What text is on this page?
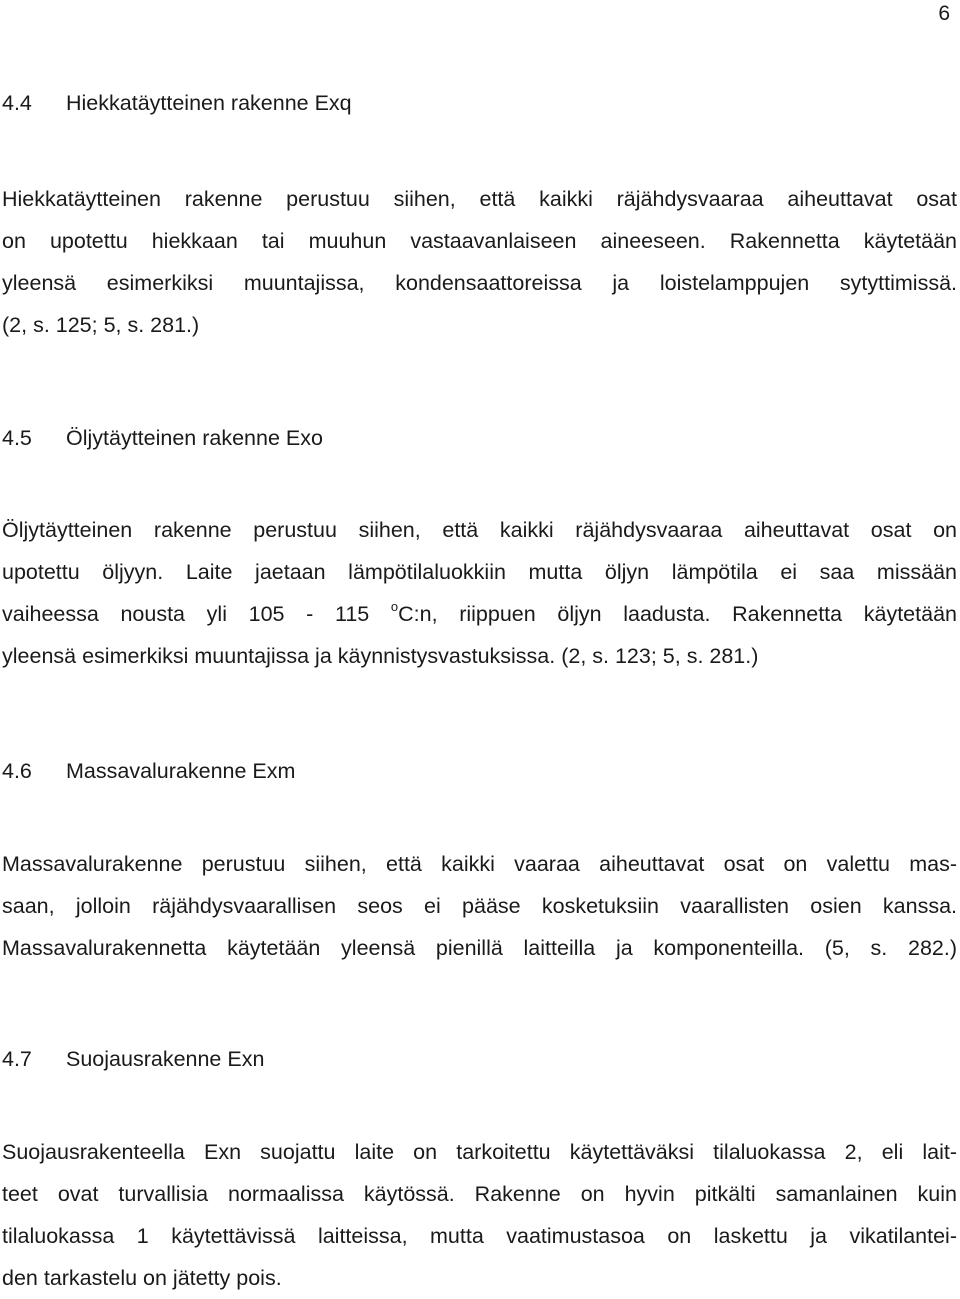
6
4.4 Hiekkatäytteinen rakenne Exq
Hiekkatäytteinen rakenne perustuu siihen, että kaikki räjähdysvaaraa aiheuttavat osat
on upotettu hiekkaan tai muuhun vastaavanlaiseen aineeseen. Rakennetta käytetään
yleensä esimerkiksi muuntajissa, kondensaattoreissa ja loistelamppujen sytyttimissä.
(2, s. 125; 5, s. 281.)
4.5 Öljytäytteinen rakenne Exo
Öljytäytteinen rakenne perustuu siihen, että kaikki räjähdysvaaraa aiheuttavat osat on
upotettu öljyyn. Laite jaetaan lämpötilaluokkiin mutta öljyn lämpötila ei saa missään
vaiheessa nousta yli 105 - 115 $^o$C:n, riippuen öljyn laadusta. Rakennetta käytetään
yleensä esimerkiksi muuntajissa ja käynnistysvastuksissa. (2, s. 123; 5, s. 281.)
4.6 Massavalurakenne Exm
Massavalurakenne perustuu siihen, että kaikki vaaraa aiheuttavat osat on valettu mas-
saan, jolloin räjähdysvaarallisen seos ei pääse kosketuksiin vaarallisten osien kanssa.
Massavalurakennetta käytetään yleensä pienillä laitteilla ja komponenteilla. (5, s. 282.)
4.7 Suojausrakenne Exn
Suojausrakenteella Exn suojattu laite on tarkoitettu käytettäväksi tilaluokassa 2, eli lait-
teet ovat turvallisia normaalissa käytössä. Rakenne on hyvin pitkälti samanlainen kuin
tilaluokassa 1 käytettävissä laitteissa, mutta vaatimustasoa on laskettu ja vikatilantei-
den tarkastelu on jätetty pois.
